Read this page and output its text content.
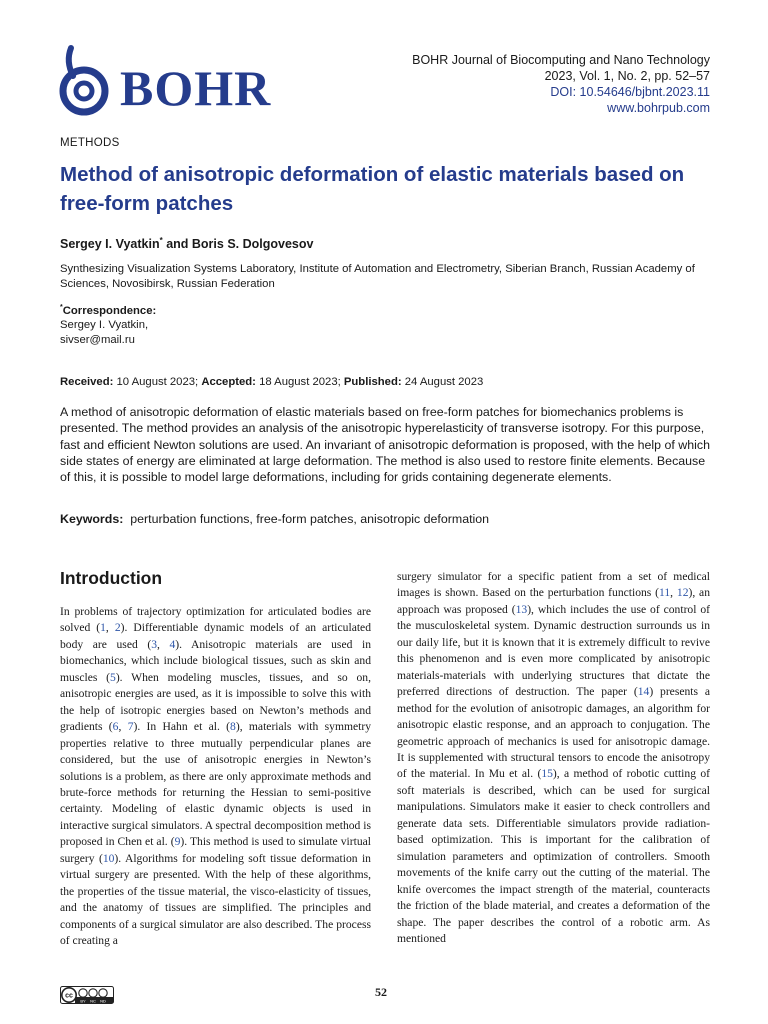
BOHR	BOHR Journal of Biocomputing and Nano Technology
2023, Vol. 1, No. 2, pp. 52–57
DOI: 10.54646/bjbnt.2023.11
www.bohrpub.com
METHODS
Method of anisotropic deformation of elastic materials based on free-form patches
Sergey I. Vyatkin* and Boris S. Dolgovesov
Synthesizing Visualization Systems Laboratory, Institute of Automation and Electrometry, Siberian Branch, Russian Academy of Sciences, Novosibirsk, Russian Federation
*Correspondence:
Sergey I. Vyatkin,
sivser@mail.ru

Received: 10 August 2023; Accepted: 18 August 2023; Published: 24 August 2023

A method of anisotropic deformation of elastic materials based on free-form patches for biomechanics problems is presented. The method provides an analysis of the anisotropic hyperelasticity of transverse isotropy. For this purpose, fast and efficient Newton solutions are used. An invariant of anisotropic deformation is proposed, with the help of which side states of energy are eliminated at large deformation. The method is also used to restore finite elements. Because of this, it is possible to model large deformations, including for grids containing degenerate elements.
Keywords:  perturbation functions, free-form patches, anisotropic deformation
Introduction
In problems of trajectory optimization for articulated bodies are solved (1, 2). Differentiable dynamic models of an articulated body are used (3, 4). Anisotropic materials are used in biomechanics, which include biological tissues, such as skin and muscles (5). When modeling muscles, tissues, and so on, anisotropic energies are used, as it is impossible to solve this with the help of isotropic energies based on Newton’s methods and gradients (6, 7). In Hahn et al. (8), materials with symmetry properties relative to three mutually perpendicular planes are considered, but the use of anisotropic energies in Newton’s solutions is a problem, as there are only approximate methods and brute-force methods for returning the Hessian to semi-positive certainty. Modeling of elastic dynamic objects is used in interactive surgical simulators. A spectral decomposition method is proposed in Chen et al. (9). This method is used to simulate virtual surgery (10). Algorithms for modeling soft tissue deformation in virtual surgery are presented. With the help of these algorithms, the properties of the tissue material, the visco-elasticity of tissues, and the anatomy of tissues are simplified. The principles and components of a surgical simulator are also described. The process of creating a
surgery simulator for a specific patient from a set of medical images is shown. Based on the perturbation functions (11, 12), an approach was proposed (13), which includes the use of control of the musculoskeletal system. Dynamic destruction surrounds us in our daily life, but it is known that it is extremely difficult to revive this phenomenon and is even more complicated by anisotropic materials-materials with underlying structures that dictate the preferred directions of destruction. The paper (14) presents a method for the evolution of anisotropic damages, an algorithm for anisotropic elastic response, and an approach to conjugation. The geometric approach of mechanics is used for anisotropic damage. It is supplemented with structural tensors to encode the anisotropy of the material. In Mu et al. (15), a method of robotic cutting of soft materials is described, which can be used for surgical manipulations. Simulators make it easier to check controllers and generate data sets. Differentiable simulators provide radiation-based optimization. This is important for the calibration of simulation parameters and optimization of controllers. Smooth movements of the knife carry out the cutting of the material. The knife overcomes the impact strength of the material, counteracts the friction of the blade material, and creates a deformation of the shape. The paper describes the control of a robotic arm. As mentioned
cc
BY NC ND
52
